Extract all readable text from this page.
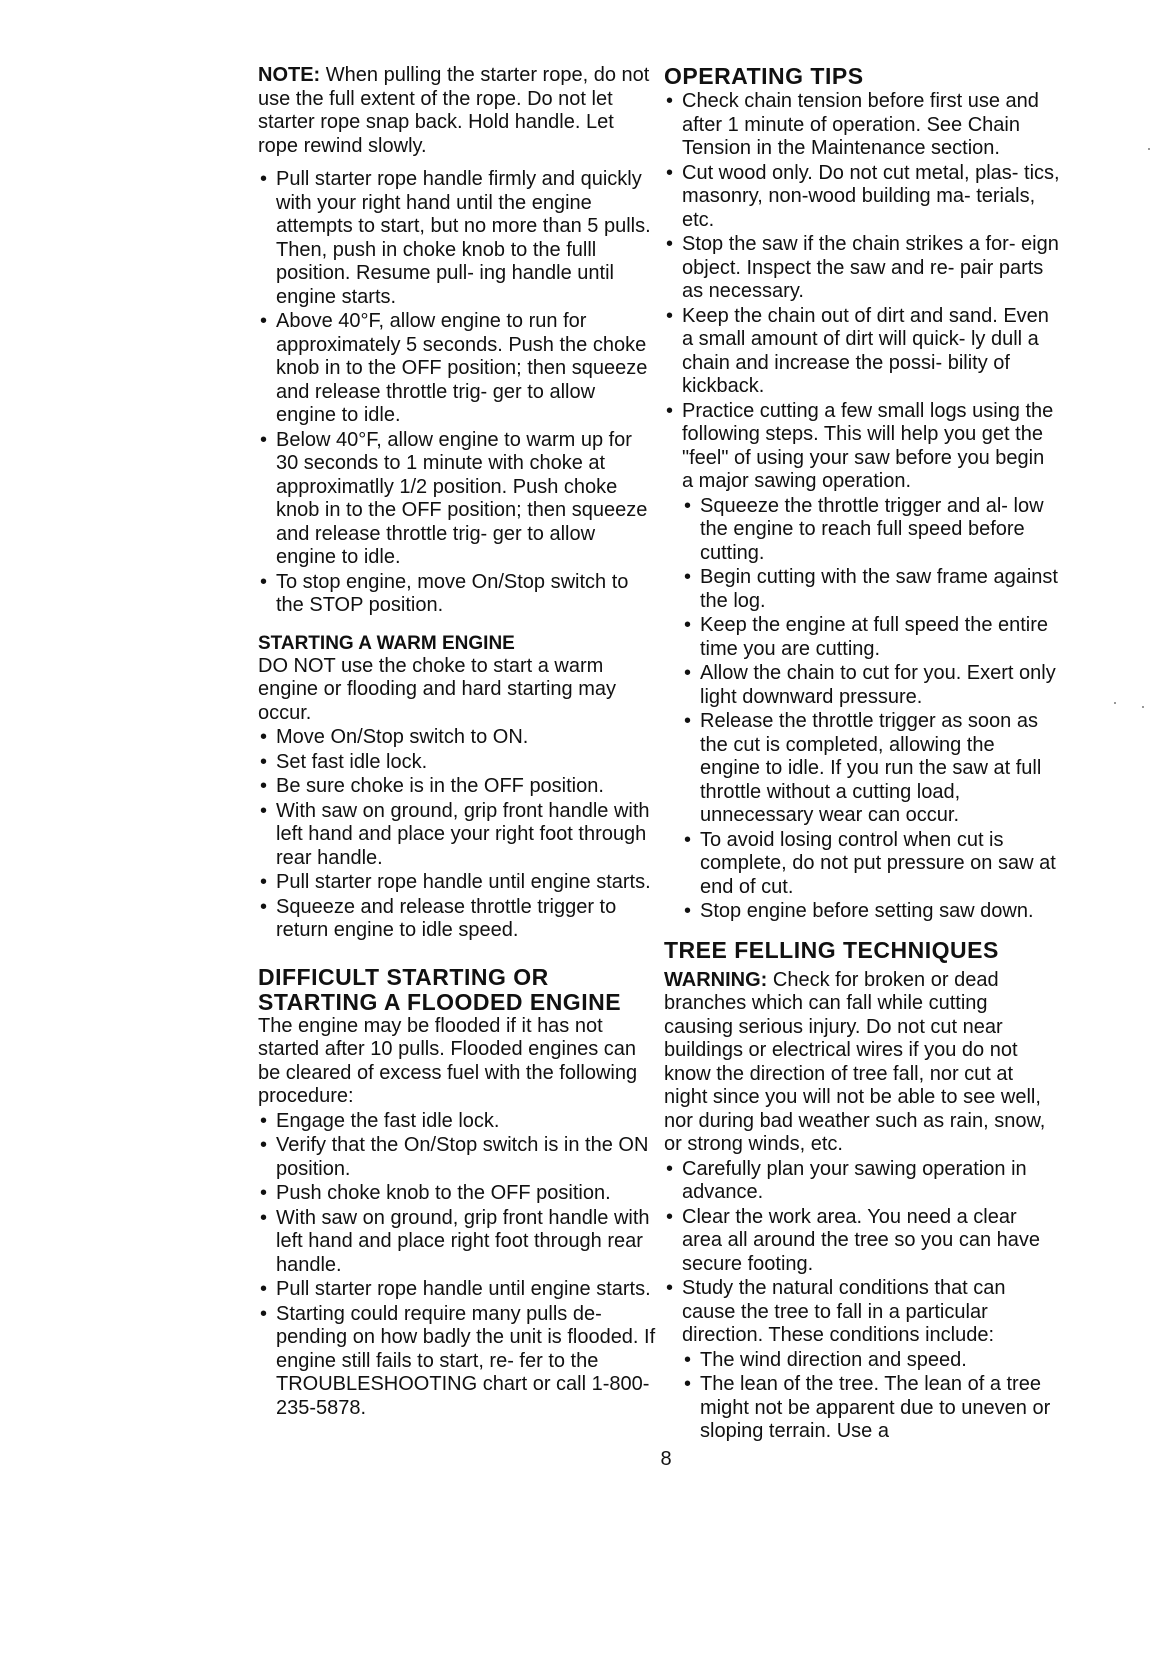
NOTE: When pulling the starter rope, do not use the full extent of the rope. Do not let starter rope snap back. Hold handle. Let rope rewind slowly.

• Pull starter rope handle firmly and quickly with your right hand until the engine attempts to start, but no more than 5 pulls. Then, push in choke knob to the fulll position. Resume pull- ing handle until engine starts.
• Above 40°F, allow engine to run for approximately 5 seconds. Push the choke knob in to the OFF position; then squeeze and release throttle trig- ger to allow engine to idle.
• Below 40°F, allow engine to warm up for 30 seconds to 1 minute with choke at approximatlly 1/2 position. Push choke knob in to the OFF position; then squeeze and release throttle trig- ger to allow engine to idle.
• To stop engine, move On/Stop switch to the STOP position.
STARTING A WARM ENGINE

DO NOT use the choke to start a warm engine or flooding and hard starting may occur.

• Move On/Stop switch to ON.
• Set fast idle lock.
• Be sure choke is in the OFF position.
• With saw on ground, grip front handle with left hand and place your right foot through rear handle.
• Pull starter rope handle until engine starts.
• Squeeze and release throttle trigger to return engine to idle speed.
DIFFICULT STARTING OR
STARTING A FLOODED ENGINE

The engine may be flooded if it has not started after 10 pulls. Flooded engines can be cleared of excess fuel with the following procedure:

• Engage the fast idle lock.
• Verify that the On/Stop switch is in the ON position.
• Push choke knob to the OFF position.
• With saw on ground, grip front handle with left hand and place right foot through rear handle.
• Pull starter rope handle until engine starts.
• Starting could require many pulls de- pending on how badly the unit is flooded. If engine still fails to start, re- fer to the TROUBLESHOOTING chart or call 1-800-235-5878.
OPERATING TIPS
• Check chain tension before first use and after 1 minute of operation. See Chain Tension in the Maintenance section.
• Cut wood only. Do not cut metal, plas- tics, masonry, non-wood building ma- terials, etc.
• Stop the saw if the chain strikes a for- eign object. Inspect the saw and re- pair parts as necessary.
• Keep the chain out of dirt and sand. Even a small amount of dirt will quick- ly dull a chain and increase the possi- bility of kickback.
• Practice cutting a few small logs using the following steps. This will help you get the "feel" of using your saw before you begin a major sawing operation.
• Squeeze the throttle trigger and al- low the engine to reach full speed before cutting.
• Begin cutting with the saw frame against the log.
• Keep the engine at full speed the entire time you are cutting.
• Allow the chain to cut for you. Exert only light downward pressure.
• Release the throttle trigger as soon as the cut is completed, allowing the engine to idle. If you run the saw at full throttle without a cutting load, unnecessary wear can occur.
• To avoid losing control when cut is complete, do not put pressure on saw at end of cut.
• Stop engine before setting saw down.
TREE FELLING TECHNIQUES

WARNING: Check for broken or dead branches which can fall while cutting causing serious injury. Do not cut near buildings or electrical wires if you do not know the direction of tree fall, nor cut at night since you will not be able to see well, nor during bad weather such as rain, snow, or strong winds, etc.

• Carefully plan your sawing operation in advance.
• Clear the work area. You need a clear area all around the tree so you can have secure footing.
• Study the natural conditions that can cause the tree to fall in a particular direction. These conditions include:
• The wind direction and speed.
• The lean of the tree. The lean of a tree might not be apparent due to uneven or sloping terrain. Use a
8
